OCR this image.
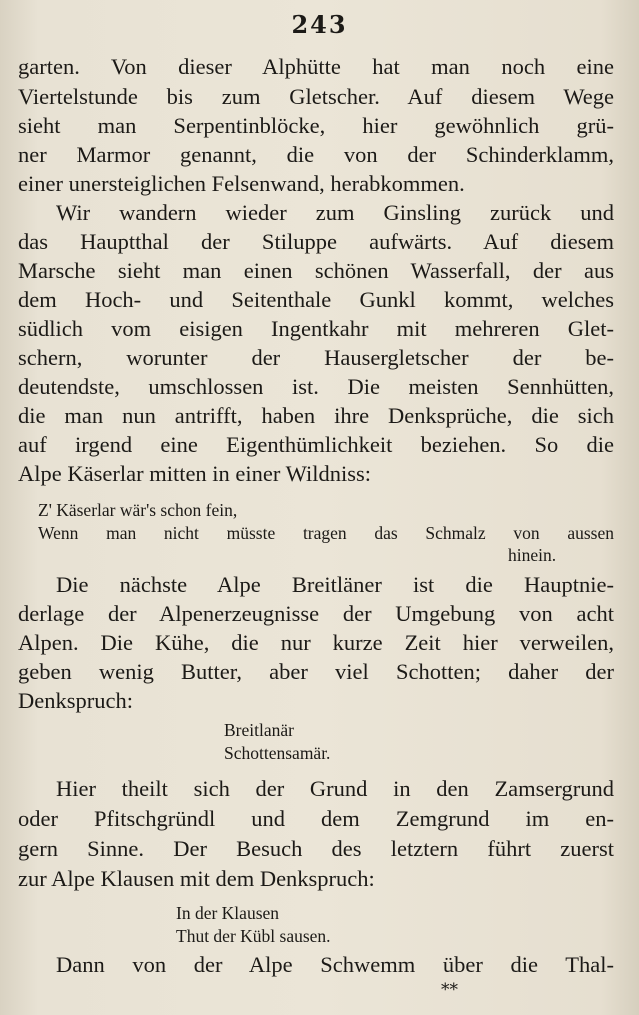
243
garten. Von dieser Alphütte hat man noch eine
Viertelstunde bis zum Gletscher. Auf diesem Wege
sieht man Serpentinblöcke, hier gewöhnlich grü-
ner Marmor genannt, die von der Schinderklamm,
einer unersteiglichen Felsenwand, herabkommen.
Wir wandern wieder zum Ginsling zurück und
das Hauptthal der Stiluppe aufwärts. Auf diesem
Marsche sieht man einen schönen Wasserfall, der aus
dem Hoch- und Seitenthale Gunkl kommt, welches
südlich vom eisigen Ingentkahr mit mehreren Glet-
schern, worunter der Hausergletscher der be-
deutendste, umschlossen ist. Die meisten Sennhütten,
die man nun antrifft, haben ihre Denksprüche, die sich
auf irgend eine Eigenthümlichkeit beziehen. So die
Alpe Käserlar mitten in einer Wildniss:
Z' Käserlar wär's schon fein,
Wenn man nicht müsste tragen das Schmalz von aussen
hinein.
Die nächste Alpe Breitläner ist die Hauptnie-
derlage der Alpenerzeugnisse der Umgebung von acht
Alpen. Die Kühe, die nur kurze Zeit hier verweilen,
geben wenig Butter, aber viel Schotten; daher der
Denkspruch:
Breitlanär
Schottensamär.
Hier theilt sich der Grund in den Zamsergrund
oder Pfitschgründl und dem Zemgrund im en-
gern Sinne. Der Besuch des letztern führt zuerst
zur Alpe Klausen mit dem Denkspruch:
In der Klausen
Thut der Kübl sausen.
Dann von der Alpe Schwemm über die Thal-
**
